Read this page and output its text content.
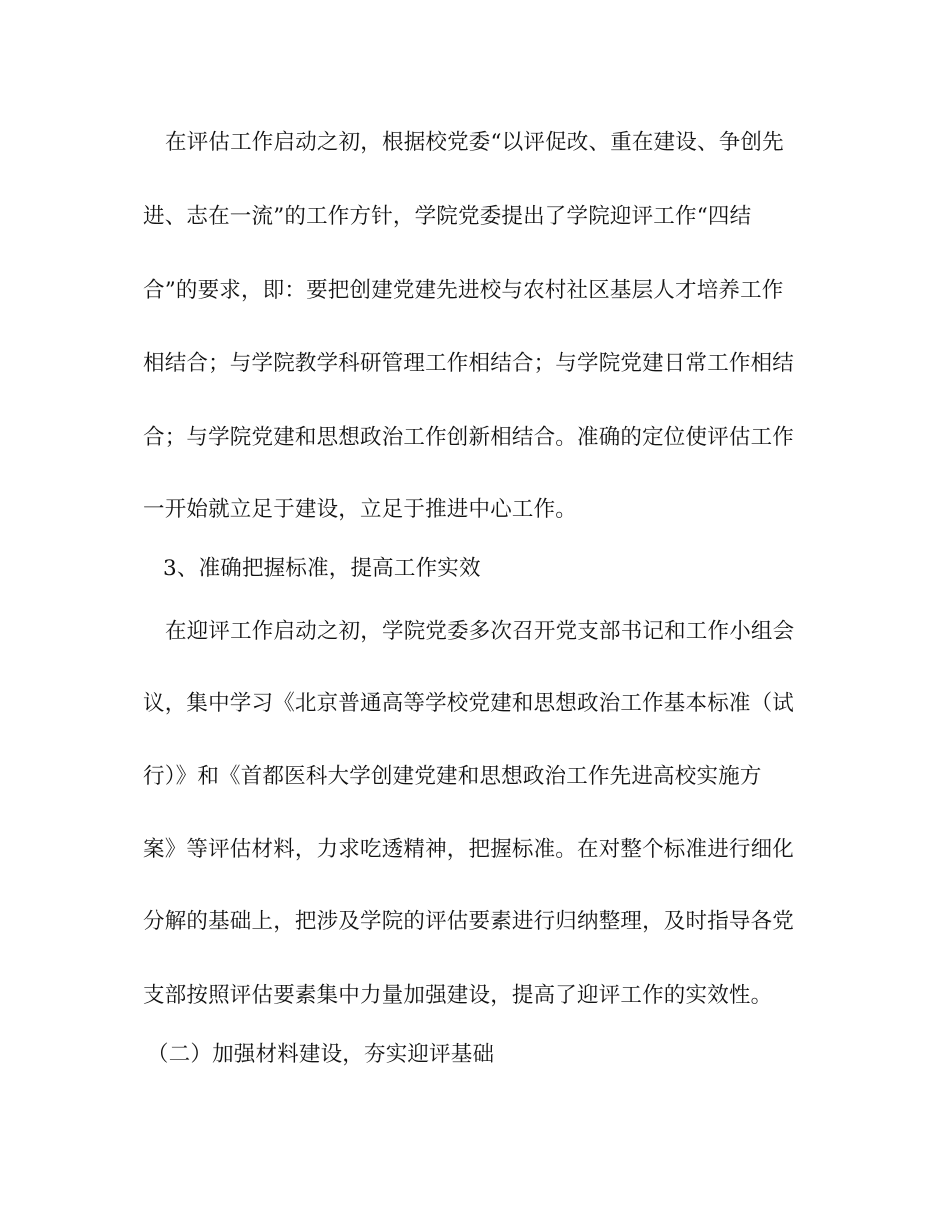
在评估工作启动之初，根据校党委“以评促改、重在建设、争创先
进、志在一流”的工作方针，学院党委提出了学院迎评工作“四结
合”的要求，即：要把创建党建先进校与农村社区基层人才培养工作
相结合；与学院教学科研管理工作相结合；与学院党建日常工作相结
合；与学院党建和思想政治工作创新相结合。准确的定位使评估工作
一开始就立足于建设，立足于推进中心工作。
3、准确把握标准，提高工作实效
在迎评工作启动之初，学院党委多次召开党支部书记和工作小组会
议，集中学习《北京普通高等学校党建和思想政治工作基本标准（试
行）》和《首都医科大学创建党建和思想政治工作先进高校实施方
案》等评估材料，力求吃透精神，把握标准。在对整个标准进行细化
分解的基础上，把涉及学院的评估要素进行归纳整理，及时指导各党
支部按照评估要素集中力量加强建设，提高了迎评工作的实效性。
（二）加强材料建设，夯实迎评基础
